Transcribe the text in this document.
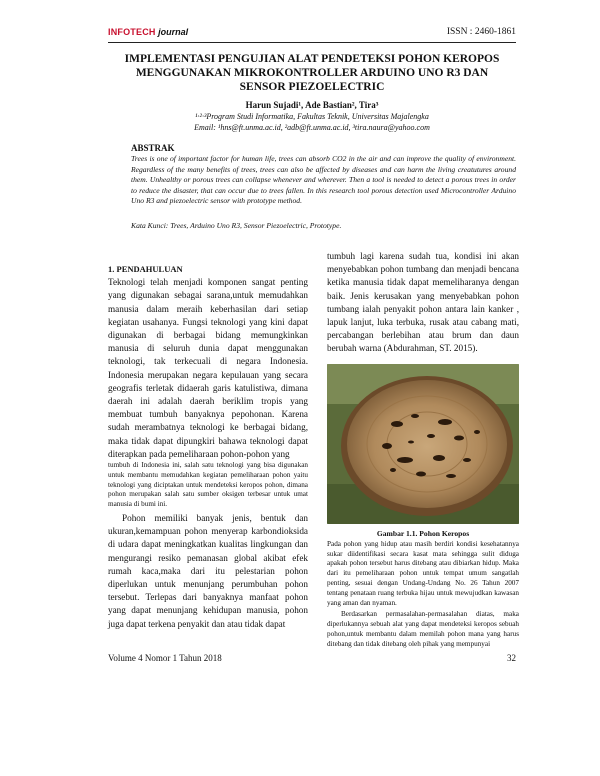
INFOTECH journal	ISSN : 2460-1861
IMPLEMENTASI PENGUJIAN ALAT PENDETEKSI POHON KEROPOS
MENGGUNAKAN MIKROKONTROLLER ARDUINO UNO R3 DAN
SENSOR PIEZOELECTRIC
Harun Sujadi¹, Ade Bastian², Tira³
¹·²·³Program Studi Informatika, Fakultas Teknik, Universitas Majalengka
Email: ¹hns@ft.unma.ac.id, ²adb@ft.unma.ac.id, ³tira.naura@yahoo.com
ABSTRAK
Trees is one of important factor for human life, trees can absorb CO2 in the air and can improve the quality of environment. Regardless of the many benefits of trees, trees can also be affected by diseases and can harm the living creatutures around them. Unhealthy or porous trees can collapse whenever and wherever. Then a tool is needed to detect a porous trees in order to reduce the disaster, that can occur due to trees fallen. In this research tool porous detection used Microcontroller Arduino Uno R3 and piezoelectric sensor with prototype method.
Kata Kunci: Trees, Arduino Uno R3, Sensor Piezoelectric, Prototype.
1. PENDAHULUAN

Teknologi telah menjadi komponen sangat penting yang digunakan sebagai sarana,untuk memudahkan manusia dalam meraih keberhasilan dari setiap kegiatan usahanya. Fungsi teknologi yang kini dapat digunakan di berbagai bidang memungkinkan manusia di seluruh dunia dapat menggunakan teknologi, tak terkecuali di negara Indonesia. Indonesia merupakan negara kepulauan yang secara geografis terletak didaerah garis katulistiwa, dimana daerah ini adalah daerah beriklim tropis yang membuat tumbuh banyaknya pepohonan. Karena sudah merambatnya teknologi ke berbagai bidang, maka tidak dapat dipungkiri bahawa teknologi dapat diterapkan pada pemeliharaan pohon-pohon yang

tumbuh di Indonesia ini, salah satu teknologi yang bisa digunakan untuk membantu memudahkan kegiatan pemeliharaan pohon yaitu teknologi yang diciptakan untuk mendeteksi keropos pohon, dimana pohon merupakan salah satu sumber oksigen terbesar untuk umat manusia di bumi ini.

Pohon memiliki banyak jenis, bentuk dan ukuran,kemampuan pohon menyerap karbondioksida di udara dapat meningkatkan kualitas lingkungan dan mengurangi resiko pemanasan global akibat efek rumah kaca,maka dari itu pelestarian pohon diperlukan untuk menunjang perumbuhan pohon tersebut. Terlepas dari banyaknya manfaat pohon yang dapat menunjang kehidupan manusia, pohon juga dapat terkena penyakit dan atau tidak dapat

tumbuh lagi karena sudah tua, kondisi ini akan menyebabkan pohon tumbang dan menjadi bencana ketika manusia tidak dapat memeliharanya dengan baik. Jenis kerusakan yang menyebabkan pohon tumbang ialah penyakit pohon antara lain kanker , lapuk lanjut, luka terbuka, rusak atau cabang mati, percabangan berlebihan atau brum dan daun berubah warna (Abdurahman, ST. 2015).

Gambar 1.1. Pohon Keropos

Pada pohon yang hidup atau masih berdiri kondisi kesehatannya sukar diidentifikasi secara kasat mata sehingga sulit diduga apakah pohon tersebut harus ditebang atau dibiarkan hidup. Maka dari itu pemeliharaan pohon untuk tempat umum sangatlah penting, sesuai dengan Undang-Undang No. 26 Tahun 2007 tentang penataan ruang terbuka hijau untuk mewujudkan kawasan yang aman dan nyaman.

Berdasarkan permasalahan-permasalahan diatas, maka diperlukannya sebuah alat yang dapat mendeteksi keropos sebuah pohon,untuk membantu dalam memilah pohon mana yang harus ditebang dan tidak ditebang oleh pihak yang mempunyai

Volume 4 Nomor 1 Tahun 2018	32
